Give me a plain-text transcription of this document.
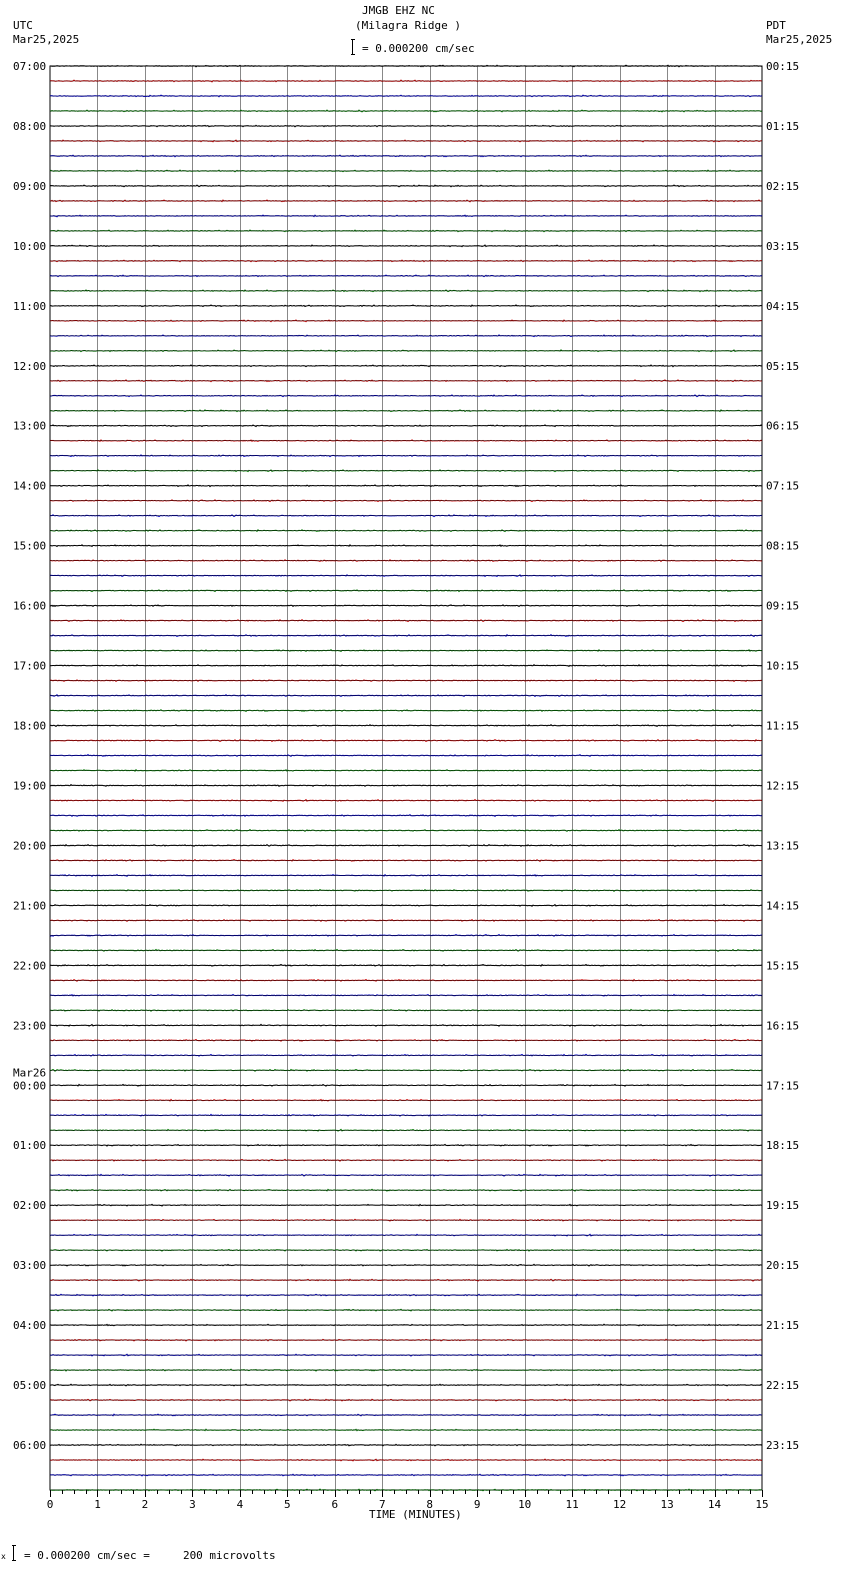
JMGB EHZ NC
(Milagra Ridge )
= 0.000200 cm/sec
UTC
Mar25,2025
PDT
Mar25,2025
07:00
08:00
09:00
10:00
11:00
12:00
13:00
14:00
15:00
16:00
17:00
18:00
19:00
20:00
21:00
22:00
23:00
00:00
Mar26
01:00
02:00
03:00
04:00
05:00
06:00
00:15
01:15
02:15
03:15
04:15
05:15
06:15
07:15
08:15
09:15
10:15
11:15
12:15
13:15
14:15
15:15
16:15
17:15
18:15
19:15
20:15
21:15
22:15
23:15
0	1	2	3	4	5	6	7	8	9	10	11	12	13	14	15
TIME (MINUTES)
x = 0.000200 cm/sec =     200 microvolts
